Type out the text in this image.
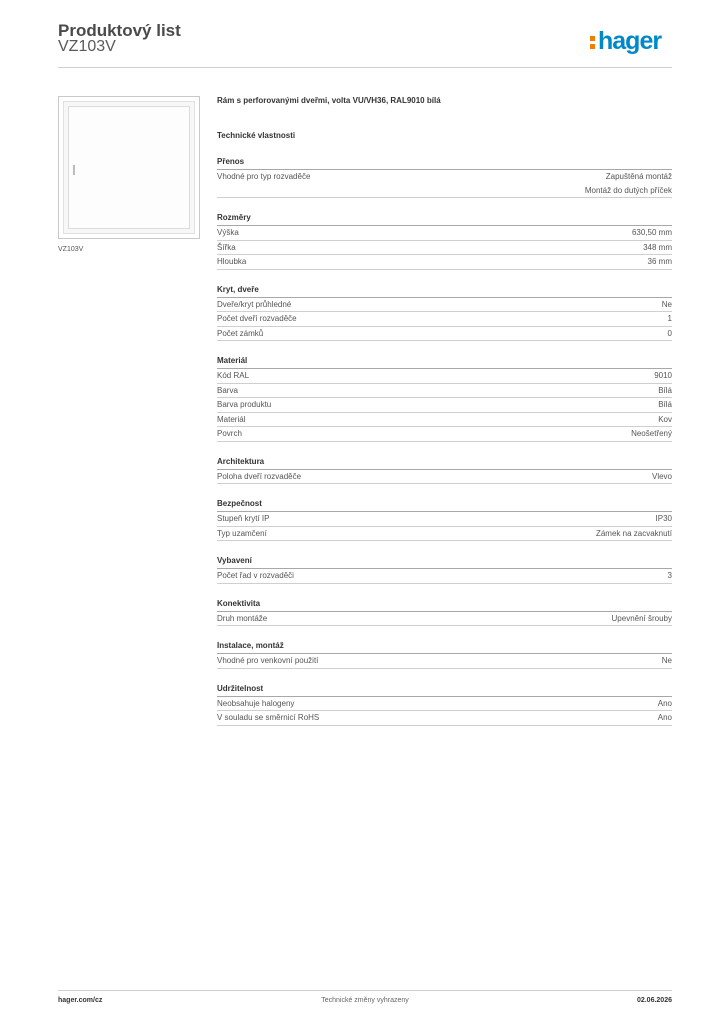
Produktový list
VZ103V	hager
VZ103V

Rám s perforovanými dveřmi, volta VU/VH36, RAL9010 bílá

Technické vlastnosti
Přenos
Vhodné pro typ rozvaděče	Zapuštěná montáž
Montáž do dutých příček
Rozměry
Výška	630,50 mm
Šířka	348 mm
Hloubka	36 mm
Kryt, dveře
Dveře/kryt průhledné	Ne
Počet dveří rozvaděče	1
Počet zámků	0
Materiál
Kód RAL	9010
Barva	Bílá
Barva produktu	Bílá
Materiál	Kov
Povrch	Neošetřený
Architektura
Poloha dveří rozvaděče	Vlevo
Bezpečnost
Stupeň krytí IP	IP30
Typ uzamčení	Zámek na zacvaknutí
Vybavení
Počet řad v rozvaděči	3
Konektivita
Druh montáže	Upevnění šrouby
Instalace, montáž
Vhodné pro venkovní použití	Ne
Udržitelnost
Neobsahuje halogeny	Ano
V souladu se směrnicí RoHS	Ano
hager.com/cz	Technické změny vyhrazeny	02.06.2026
